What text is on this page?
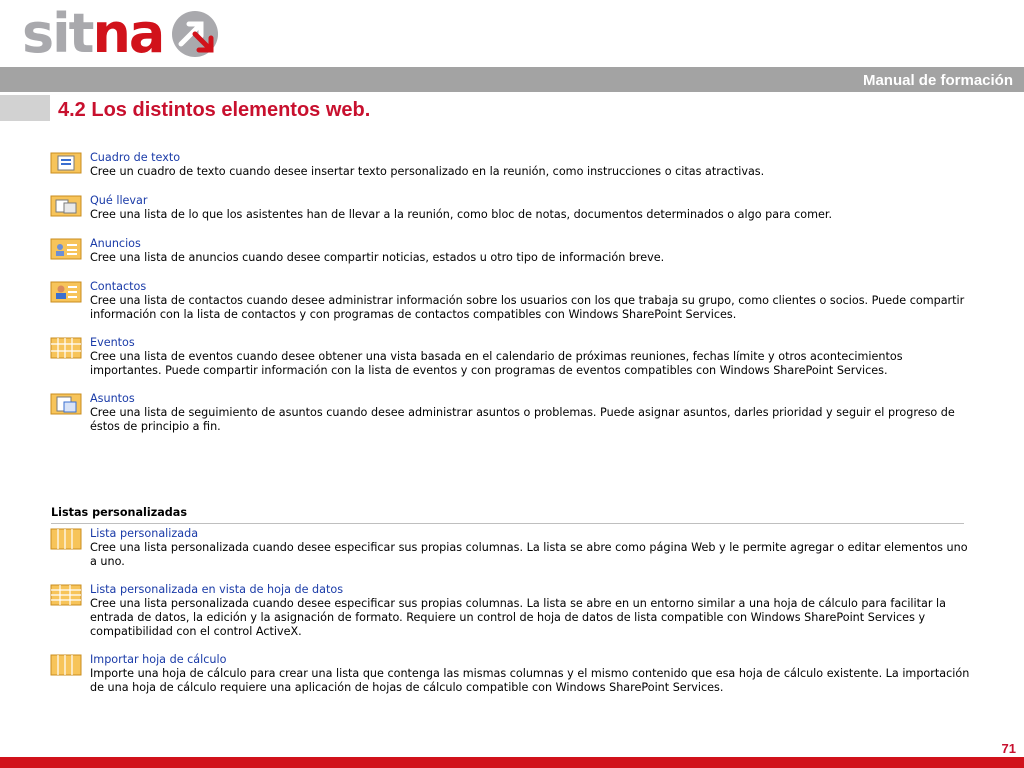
sitna
Manual de formación
4.2 Los distintos elementos web.
Cuadro de texto
Cree un cuadro de texto cuando desee insertar texto personalizado en la reunión, como instrucciones o citas atractivas.
Qué llevar
Cree una lista de lo que los asistentes han de llevar a la reunión, como bloc de notas, documentos determinados o algo para comer.
Anuncios
Cree una lista de anuncios cuando desee compartir noticias, estados u otro tipo de información breve.
Contactos
Cree una lista de contactos cuando desee administrar información sobre los usuarios con los que trabaja su grupo, como clientes o socios. Puede compartir información con la lista de contactos y con programas de contactos compatibles con Windows SharePoint Services.
Eventos
Cree una lista de eventos cuando desee obtener una vista basada en el calendario de próximas reuniones, fechas límite y otros acontecimientos importantes. Puede compartir información con la lista de eventos y con programas de eventos compatibles con Windows SharePoint Services.
Asuntos
Cree una lista de seguimiento de asuntos cuando desee administrar asuntos o problemas. Puede asignar asuntos, darles prioridad y seguir el progreso de éstos de principio a fin.
Listas personalizadas
Lista personalizada
Cree una lista personalizada cuando desee especificar sus propias columnas. La lista se abre como página Web y le permite agregar o editar elementos uno a uno.
Lista personalizada en vista de hoja de datos
Cree una lista personalizada cuando desee especificar sus propias columnas. La lista se abre en un entorno similar a una hoja de cálculo para facilitar la entrada de datos, la edición y la asignación de formato. Requiere un control de hoja de datos de lista compatible con Windows SharePoint Services y compatibilidad con el control ActiveX.
Importar hoja de cálculo
Importe una hoja de cálculo para crear una lista que contenga las mismas columnas y el mismo contenido que esa hoja de cálculo existente. La importación de una hoja de cálculo requiere una aplicación de hojas de cálculo compatible con Windows SharePoint Services.
71
